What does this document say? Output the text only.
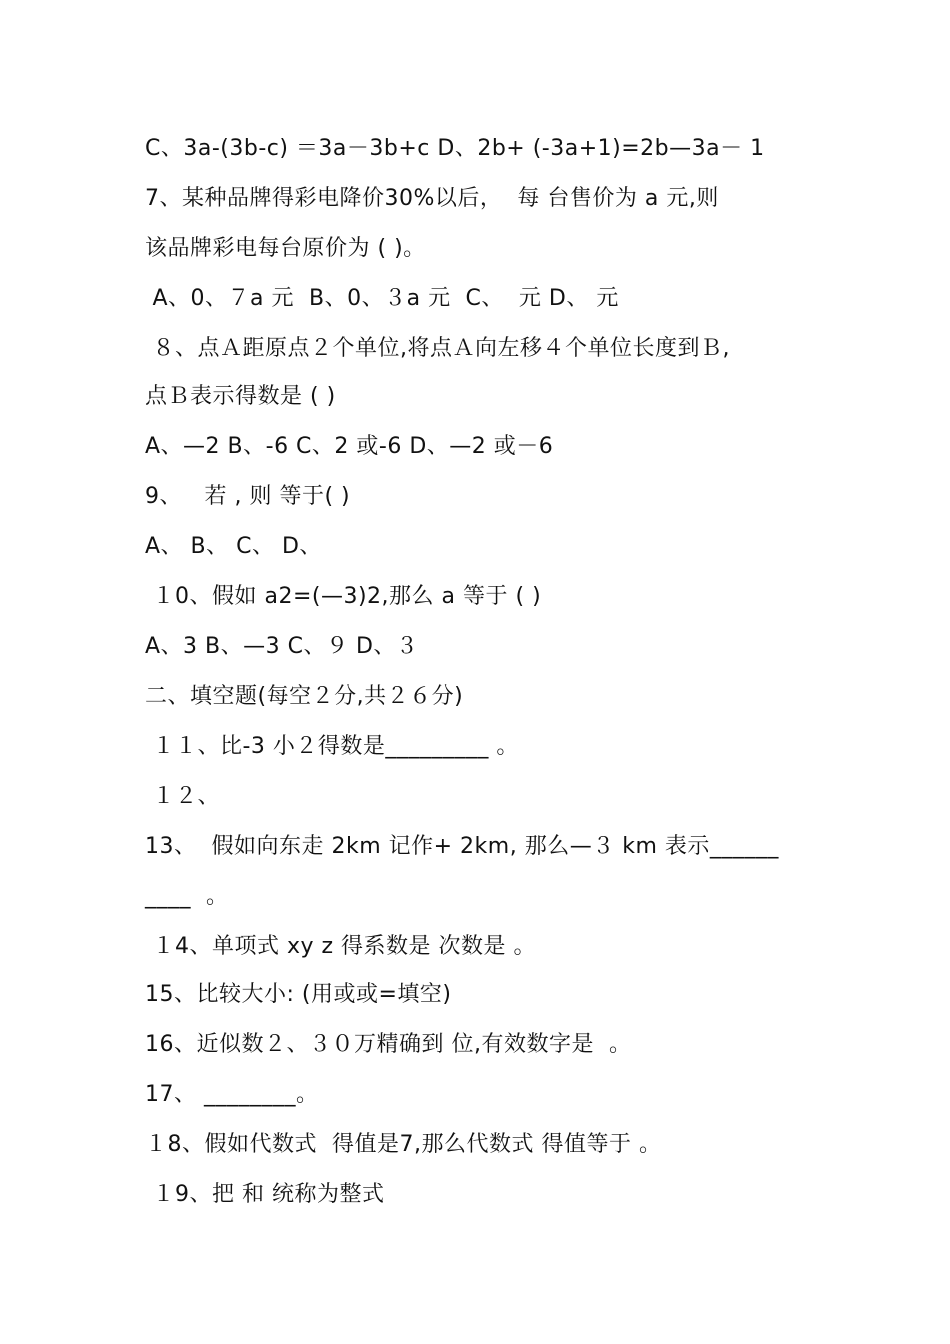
C、3a-(3b-c) ＝3a－3b+c D、2b+ (-3a+1)=2b—3a－ 1
7、某种品牌得彩电降价30%以后，  每 台售价为 a 元,则
该品牌彩电每台原价为 ( )。
A、0、７a 元  B、0、３a 元  C、  元 D、 元
８、点Ａ距原点２个单位,将点Ａ向左移４个单位长度到Ｂ,
点Ｂ表示得数是 ( )
A、—2 B、-6 C、2 或-6 D、—2 或－6
9、   若 , 则 等于( )
A、 B、 C、 D、
１0、假如 a2=(—3)2,那么 a 等于 ( )
A、3 B、—3 C、９ D、３
二、填空题(每空２分,共２６分)
１１、比-3 小２得数是_________ 。
１２、
13、  假如向东走 2km 记作+ 2km, 那么—３ km 表示______
____  。
１4、单项式 xy z 得系数是 次数是 。
15、比较大小: (用或或=填空)
16、近似数２、３０万精确到 位,有效数字是  。
17、 ________。
１8、假如代数式  得值是7,那么代数式 得值等于 。
１9、把 和 统称为整式
